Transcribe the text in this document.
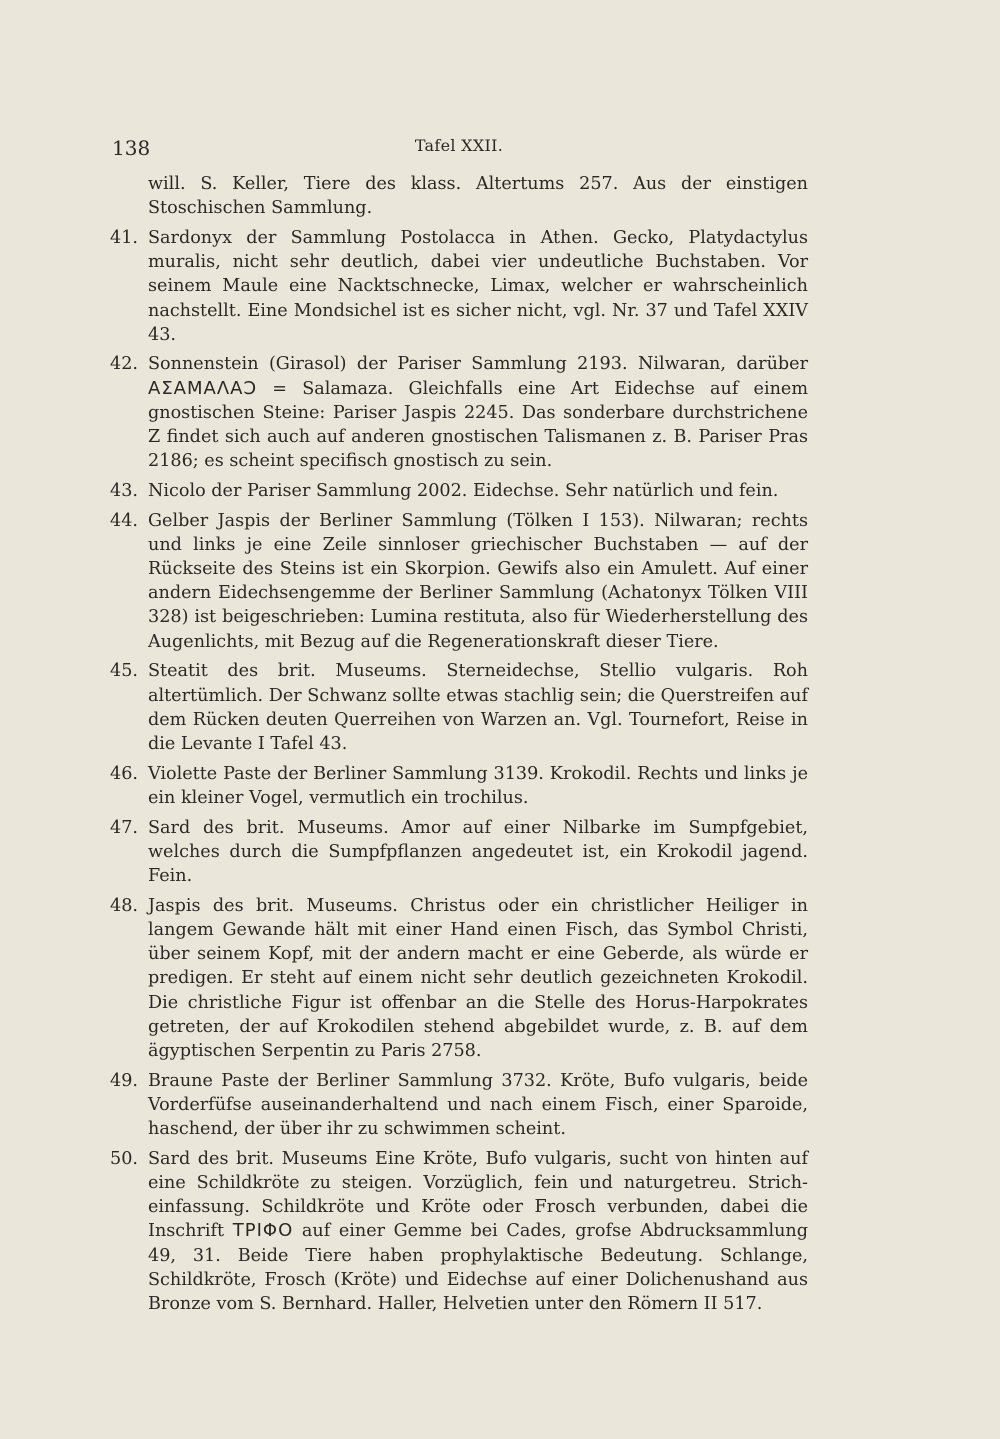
138	Tafel XXII.
will. S. Keller, Tiere des klass. Altertums 257. Aus der einstigen Stoschischen Sammlung.
41. Sardonyx der Sammlung Postolacca in Athen. Gecko, Platydactylus muralis, nicht sehr deutlich, dabei vier undeutliche Buchstaben. Vor seinem Maule eine Nacktschnecke, Limax, welcher er wahrscheinlich nachstellt. Eine Mondsichel ist es sicher nicht, vgl. Nr. 37 und Tafel XXIV 43.
42. Sonnenstein (Girasol) der Pariser Sammlung 2193. Nilwaran, darüber ΑΣΑΜΑΛΑƆ = Salamaza. Gleichfalls eine Art Eidechse auf einem gnostischen Steine: Pariser Jaspis 2245. Das sonderbare durchstrichene Z findet sich auch auf anderen gnostischen Talismanen z. B. Pariser Pras 2186; es scheint specifisch gnostisch zu sein.
43. Nicolo der Pariser Sammlung 2002. Eidechse. Sehr natürlich und fein.
44. Gelber Jaspis der Berliner Sammlung (Tölken I 153). Nilwaran; rechts und links je eine Zeile sinnloser griechischer Buchstaben — auf der Rückseite des Steins ist ein Skorpion. Gewifs also ein Amulett. Auf einer andern Eidechsengemme der Berliner Sammlung (Achatonyx Tölken VIII 328) ist beigeschrieben: Lumina restituta, also für Wiederherstellung des Augenlichts, mit Bezug auf die Regenerationskraft dieser Tiere.
45. Steatit des brit. Museums. Sterneidechse, Stellio vulgaris. Roh altertümlich. Der Schwanz sollte etwas stachlig sein; die Querstreifen auf dem Rücken deuten Querreihen von Warzen an. Vgl. Tournefort, Reise in die Levante I Tafel 43.
46. Violette Paste der Berliner Sammlung 3139. Krokodil. Rechts und links je ein kleiner Vogel, vermutlich ein trochilus.
47. Sard des brit. Museums. Amor auf einer Nilbarke im Sumpfgebiet, welches durch die Sumpfpflanzen angedeutet ist, ein Krokodil jagend. Fein.
48. Jaspis des brit. Museums. Christus oder ein christlicher Heiliger in langem Gewande hält mit einer Hand einen Fisch, das Symbol Christi, über seinem Kopf, mit der andern macht er eine Geberde, als würde er predigen. Er steht auf einem nicht sehr deutlich gezeichneten Krokodil. Die christliche Figur ist offenbar an die Stelle des Horus-Harpokrates getreten, der auf Krokodilen stehend abgebildet wurde, z. B. auf dem ägyptischen Serpentin zu Paris 2758.
49. Braune Paste der Berliner Sammlung 3732. Kröte, Bufo vulgaris, beide Vorderfüfse auseinanderhaltend und nach einem Fisch, einer Sparoide, haschend, der über ihr zu schwimmen scheint.
50. Sard des brit. Museums Eine Kröte, Bufo vulgaris, sucht von hinten auf eine Schildkröte zu steigen. Vorzüglich, fein und naturgetreu. Strich-einfassung. Schildkröte und Kröte oder Frosch verbunden, dabei die Inschrift ΤΡΙΦΟ auf einer Gemme bei Cades, grofse Abdrucksammlung 49, 31. Beide Tiere haben prophylaktische Bedeutung. Schlange, Schildkröte, Frosch (Kröte) und Eidechse auf einer Dolichenushand aus Bronze vom S. Bernhard. Haller, Helvetien unter den Römern II 517.
